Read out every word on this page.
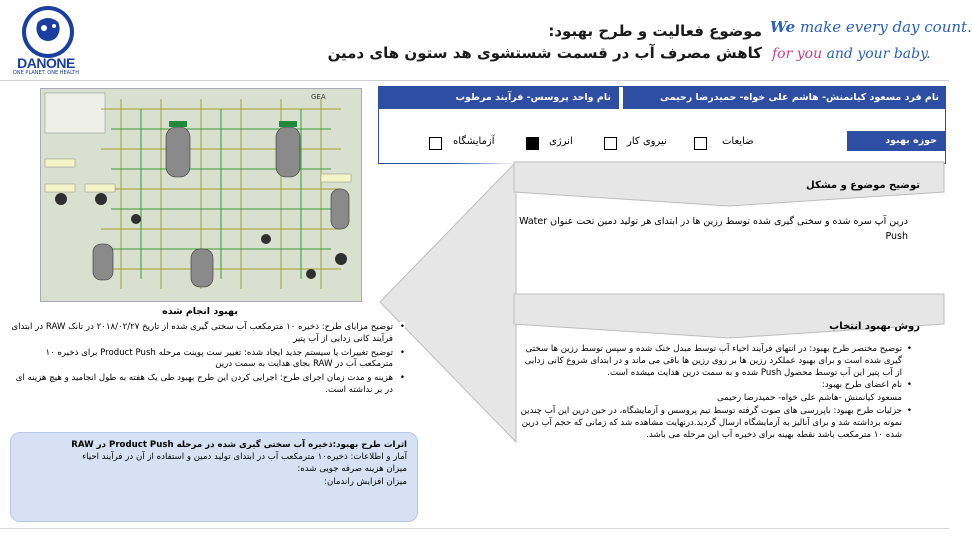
DANONE
ONE PLANET. ONE HEALTH
موضوع فعالیت و طرح بهبود:
کاهش مصرف آب در قسمت شستشوی هد ستون های دمین
We make every day count.
for you and your baby.
نام واحد پروسس- فرآیند مرطوب	نام فرد مسعود کیانمنش- هاشم علی خواه- حمیدرضا رحیمی
حوزه بهبود
ضایعات
نیروی کار
انرژی
آزمایشگاه
GEA
توضیح موضوع و مشکل
درین آپ سره شده و سختی گیری شده توسط رزین ها در ابتدای هر تولید دمین تحت عنوان Water Push
روش بهبود انتخاب
• توضیح مختصر طرح بهبود: در انتهای فرآیند احیاء آب توسط مبدل خنک شده و سپس توسط رزین ها سختی گیری شده است و برای بهبود عملکرد رزین ها بر روی رزین ها باقی می ماند و در ابتدای شروع کانی زدایی از آب پتیر این آب توسط محصول Push شده و به سمت درین هدایت میشده است.
• نام اعضای طرح بهبود:
مسعود کیانمنش -هاشم علی خواه- حمیدرضا رحیمی
• جزئیات طرح بهبود: باپررسی های صوت گرفته توسط تیم پروسس و آزمایشگاه، در حین درین این آب چندین نمونه برداشته شد و برای آنالیز به آزمایشگاه ارسال گردید.درنهایت مشاهده شد که زمانی که حجم آب درین شده ۱۰ مترمکعب باشد نقطه بهینه برای ذخیره آب این مرحله می باشد.
بهبود انجام شده
• توضیح مزایای طرح: ذخیره ۱۰ مترمکعب آب سختی گیری شده از تاریخ ۲۰۱۸/۰۲/۲۷ در تانک RAW در ابتدای فرآیند کانی زدایی از آب پتیر
• توضیح تغییرات یا سیستم جدید ایجاد شده: تغییر ست پوینت مرحله Product Push برای ذخیره ۱۰ مترمکعب آب در RAW بجای هدایت به سمت درین
• هزینه و مدت زمان اجرای طرح: اجرایی کردن این طرح بهبود طی یک هفته به طول انجامید و هیچ هزینه ای در بر نداشته است.
اثرات طرح بهبود:ذخیره آب سختی گیری شده در مرحله Product Push در RAW
آمار و اطلاعات: ذخیره۱۰ مترمکعب آب در ابتدای تولید دمین و استفاده از آن در فرآیند احیاء
میزان هزینه صرفه جویی شده:
میزان افزایش راندمان:
